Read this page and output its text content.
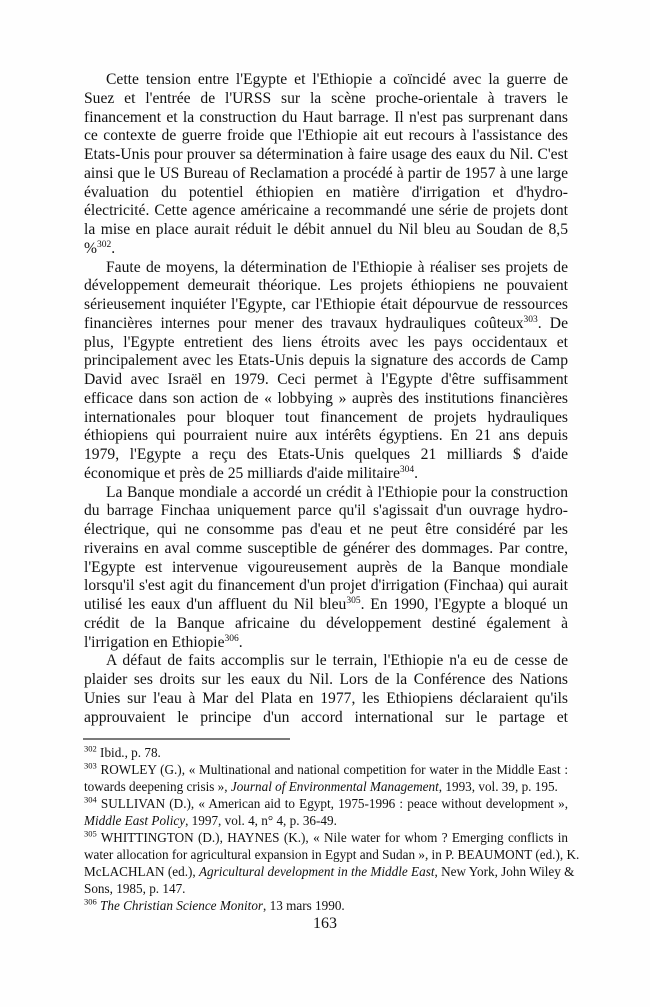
Cette tension entre l'Egypte et l'Ethiopie a coïncidé avec la guerre de
Suez et l'entrée de l'URSS sur la scène proche-orientale à travers le
financement et la construction du Haut barrage. Il n'est pas surprenant dans
ce contexte de guerre froide que l'Ethiopie ait eut recours à l'assistance des
Etats-Unis pour prouver sa détermination à faire usage des eaux du Nil. C'est
ainsi que le US Bureau of Reclamation a procédé à partir de 1957 à une large
évaluation du potentiel éthiopien en matière d'irrigation et d'hydro-
électricité. Cette agence américaine a recommandé une série de projets dont
la mise en place aurait réduit le débit annuel du Nil bleu au Soudan de 8,5
%$^{302}$.
Faute de moyens, la détermination de l'Ethiopie à réaliser ses projets de
développement demeurait théorique. Les projets éthiopiens ne pouvaient
sérieusement inquiéter l'Egypte, car l'Ethiopie était dépourvue de ressources
financières internes pour mener des travaux hydrauliques coûteux$^{303}$. De
plus, l'Egypte entretient des liens étroits avec les pays occidentaux et
principalement avec les Etats-Unis depuis la signature des accords de Camp
David avec Israël en 1979. Ceci permet à l'Egypte d'être suffisamment
efficace dans son action de « lobbying » auprès des institutions financières
internationales pour bloquer tout financement de projets hydrauliques
éthiopiens qui pourraient nuire aux intérêts égyptiens. En 21 ans depuis
1979, l'Egypte a reçu des Etats-Unis quelques 21 milliards $ d'aide
économique et près de 25 milliards d'aide militaire$^{304}$.
La Banque mondiale a accordé un crédit à l'Ethiopie pour la construction
du barrage Finchaa uniquement parce qu'il s'agissait d'un ouvrage hydro-
électrique, qui ne consomme pas d'eau et ne peut être considéré par les
riverains en aval comme susceptible de générer des dommages. Par contre,
l'Egypte est intervenue vigoureusement auprès de la Banque mondiale
lorsqu'il s'est agit du financement d'un projet d'irrigation (Finchaa) qui aurait
utilisé les eaux d'un affluent du Nil bleu$^{305}$. En 1990, l'Egypte a bloqué un
crédit de la Banque africaine du développement destiné également à
l'irrigation en Ethiopie$^{306}$.
A défaut de faits accomplis sur le terrain, l'Ethiopie n'a eu de cesse de
plaider ses droits sur les eaux du Nil. Lors de la Conférence des Nations
Unies sur l'eau à Mar del Plata en 1977, les Ethiopiens déclaraient qu'ils
approuvaient le principe d'un accord international sur le partage et
$^{302}$ Ibid., p. 78.
$^{303}$ ROWLEY (G.), « Multinational and national competition for water in the Middle East :
towards deepening crisis », Journal of Environmental Management, 1993, vol. 39, p. 195.
$^{304}$ SULLIVAN (D.), « American aid to Egypt, 1975-1996 : peace without development »,
Middle East Policy, 1997, vol. 4, n° 4, p. 36-49.
$^{305}$ WHITTINGTON (D.), HAYNES (K.), « Nile water for whom ? Emerging conflicts in
water allocation for agricultural expansion in Egypt and Sudan », in P. BEAUMONT (ed.), K.
McLACHLAN (ed.), Agricultural development in the Middle East, New York, John Wiley &
Sons, 1985, p. 147.
$^{306}$ The Christian Science Monitor, 13 mars 1990.
163
